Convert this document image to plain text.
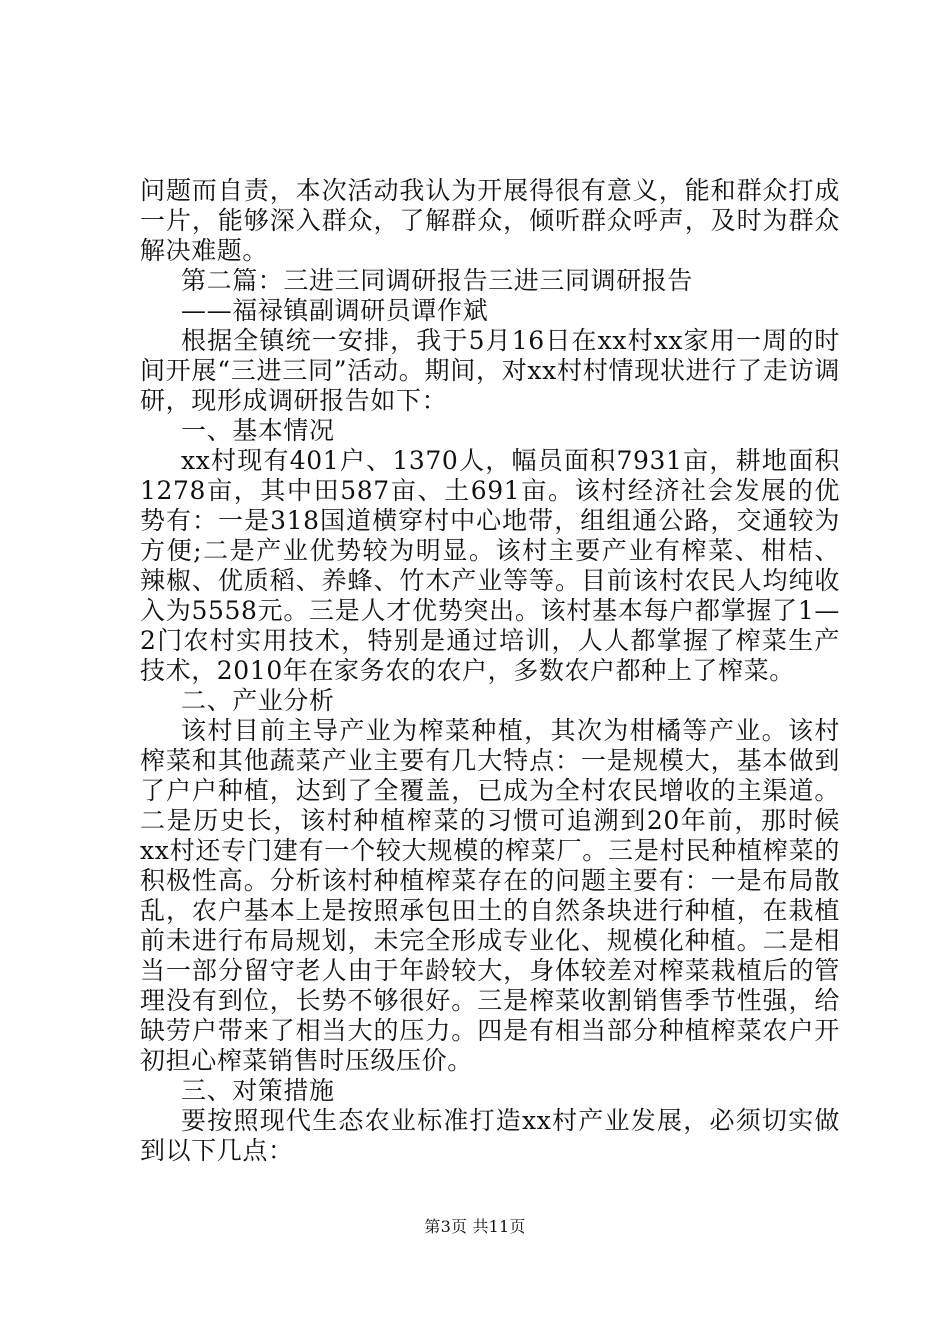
问题而自责，本次活动我认为开展得很有意义，能和群众打成一片，能够深入群众，了解群众，倾听群众呼声，及时为群众解决难题。

第二篇：三进三同调研报告三进三同调研报告

——福禄镇副调研员谭作斌

根据全镇统一安排，我于5月16日在xx村xx家用一周的时间开展“三进三同”活动。期间，对xx村村情现状进行了走访调研，现形成调研报告如下：

一、基本情况

xx村现有401户、1370人，幅员面积7931亩，耕地面积1278亩，其中田587亩、土691亩。该村经济社会发展的优势有：一是318国道横穿村中心地带，组组通公路，交通较为方便;二是产业优势较为明显。该村主要产业有榨菜、柑桔、辣椒、优质稻、养蜂、竹木产业等等。目前该村农民人均纯收入为5558元。三是人才优势突出。该村基本每户都掌握了1—2门农村实用技术，特别是通过培训，人人都掌握了榨菜生产技术，2010年在家务农的农户，多数农户都种上了榨菜。

二、产业分析

该村目前主导产业为榨菜种植，其次为柑橘等产业。该村榨菜和其他蔬菜产业主要有几大特点：一是规模大，基本做到了户户种植，达到了全覆盖，已成为全村农民增收的主渠道。二是历史长，该村种植榨菜的习惯可追溯到20年前，那时候xx村还专门建有一个较大规模的榨菜厂。三是村民种植榨菜的积极性高。分析该村种植榨菜存在的问题主要有：一是布局散乱，农户基本上是按照承包田土的自然条块进行种植，在栽植前未进行布局规划，未完全形成专业化、规模化种植。二是相当一部分留守老人由于年龄较大，身体较差对榨菜栽植后的管理没有到位，长势不够很好。三是榨菜收割销售季节性强，给缺劳户带来了相当大的压力。四是有相当部分种植榨菜农户开初担心榨菜销售时压级压价。

三、对策措施

要按照现代生态农业标准打造xx村产业发展，必须切实做到以下几点：

第3页 共11页
